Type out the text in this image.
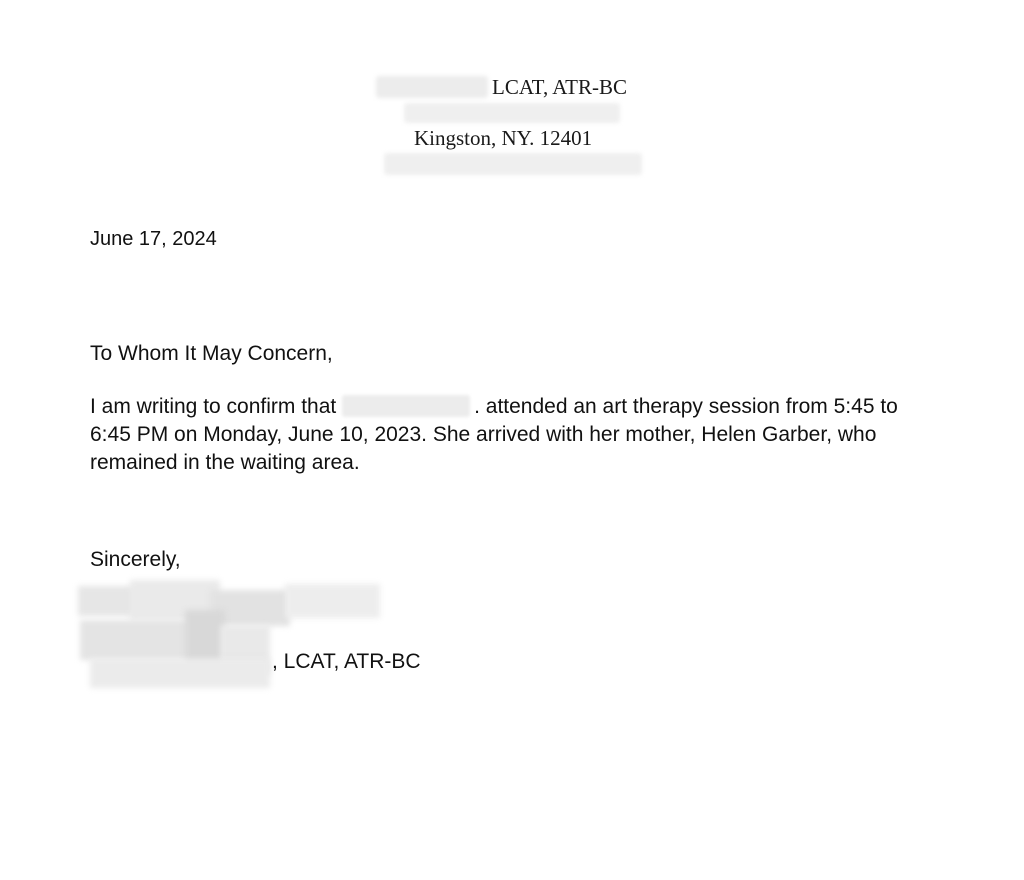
LCAT, ATR-BC
Kingston, NY. 12401
June 17, 2024
To Whom It May Concern,

I am writing to confirm that	. attended an art therapy session from 5:45 to 6:45 PM on Monday, June 10, 2023. She arrived with her mother, Helen Garber, who remained in the waiting area.

Sincerely,
, LCAT, ATR-BC
